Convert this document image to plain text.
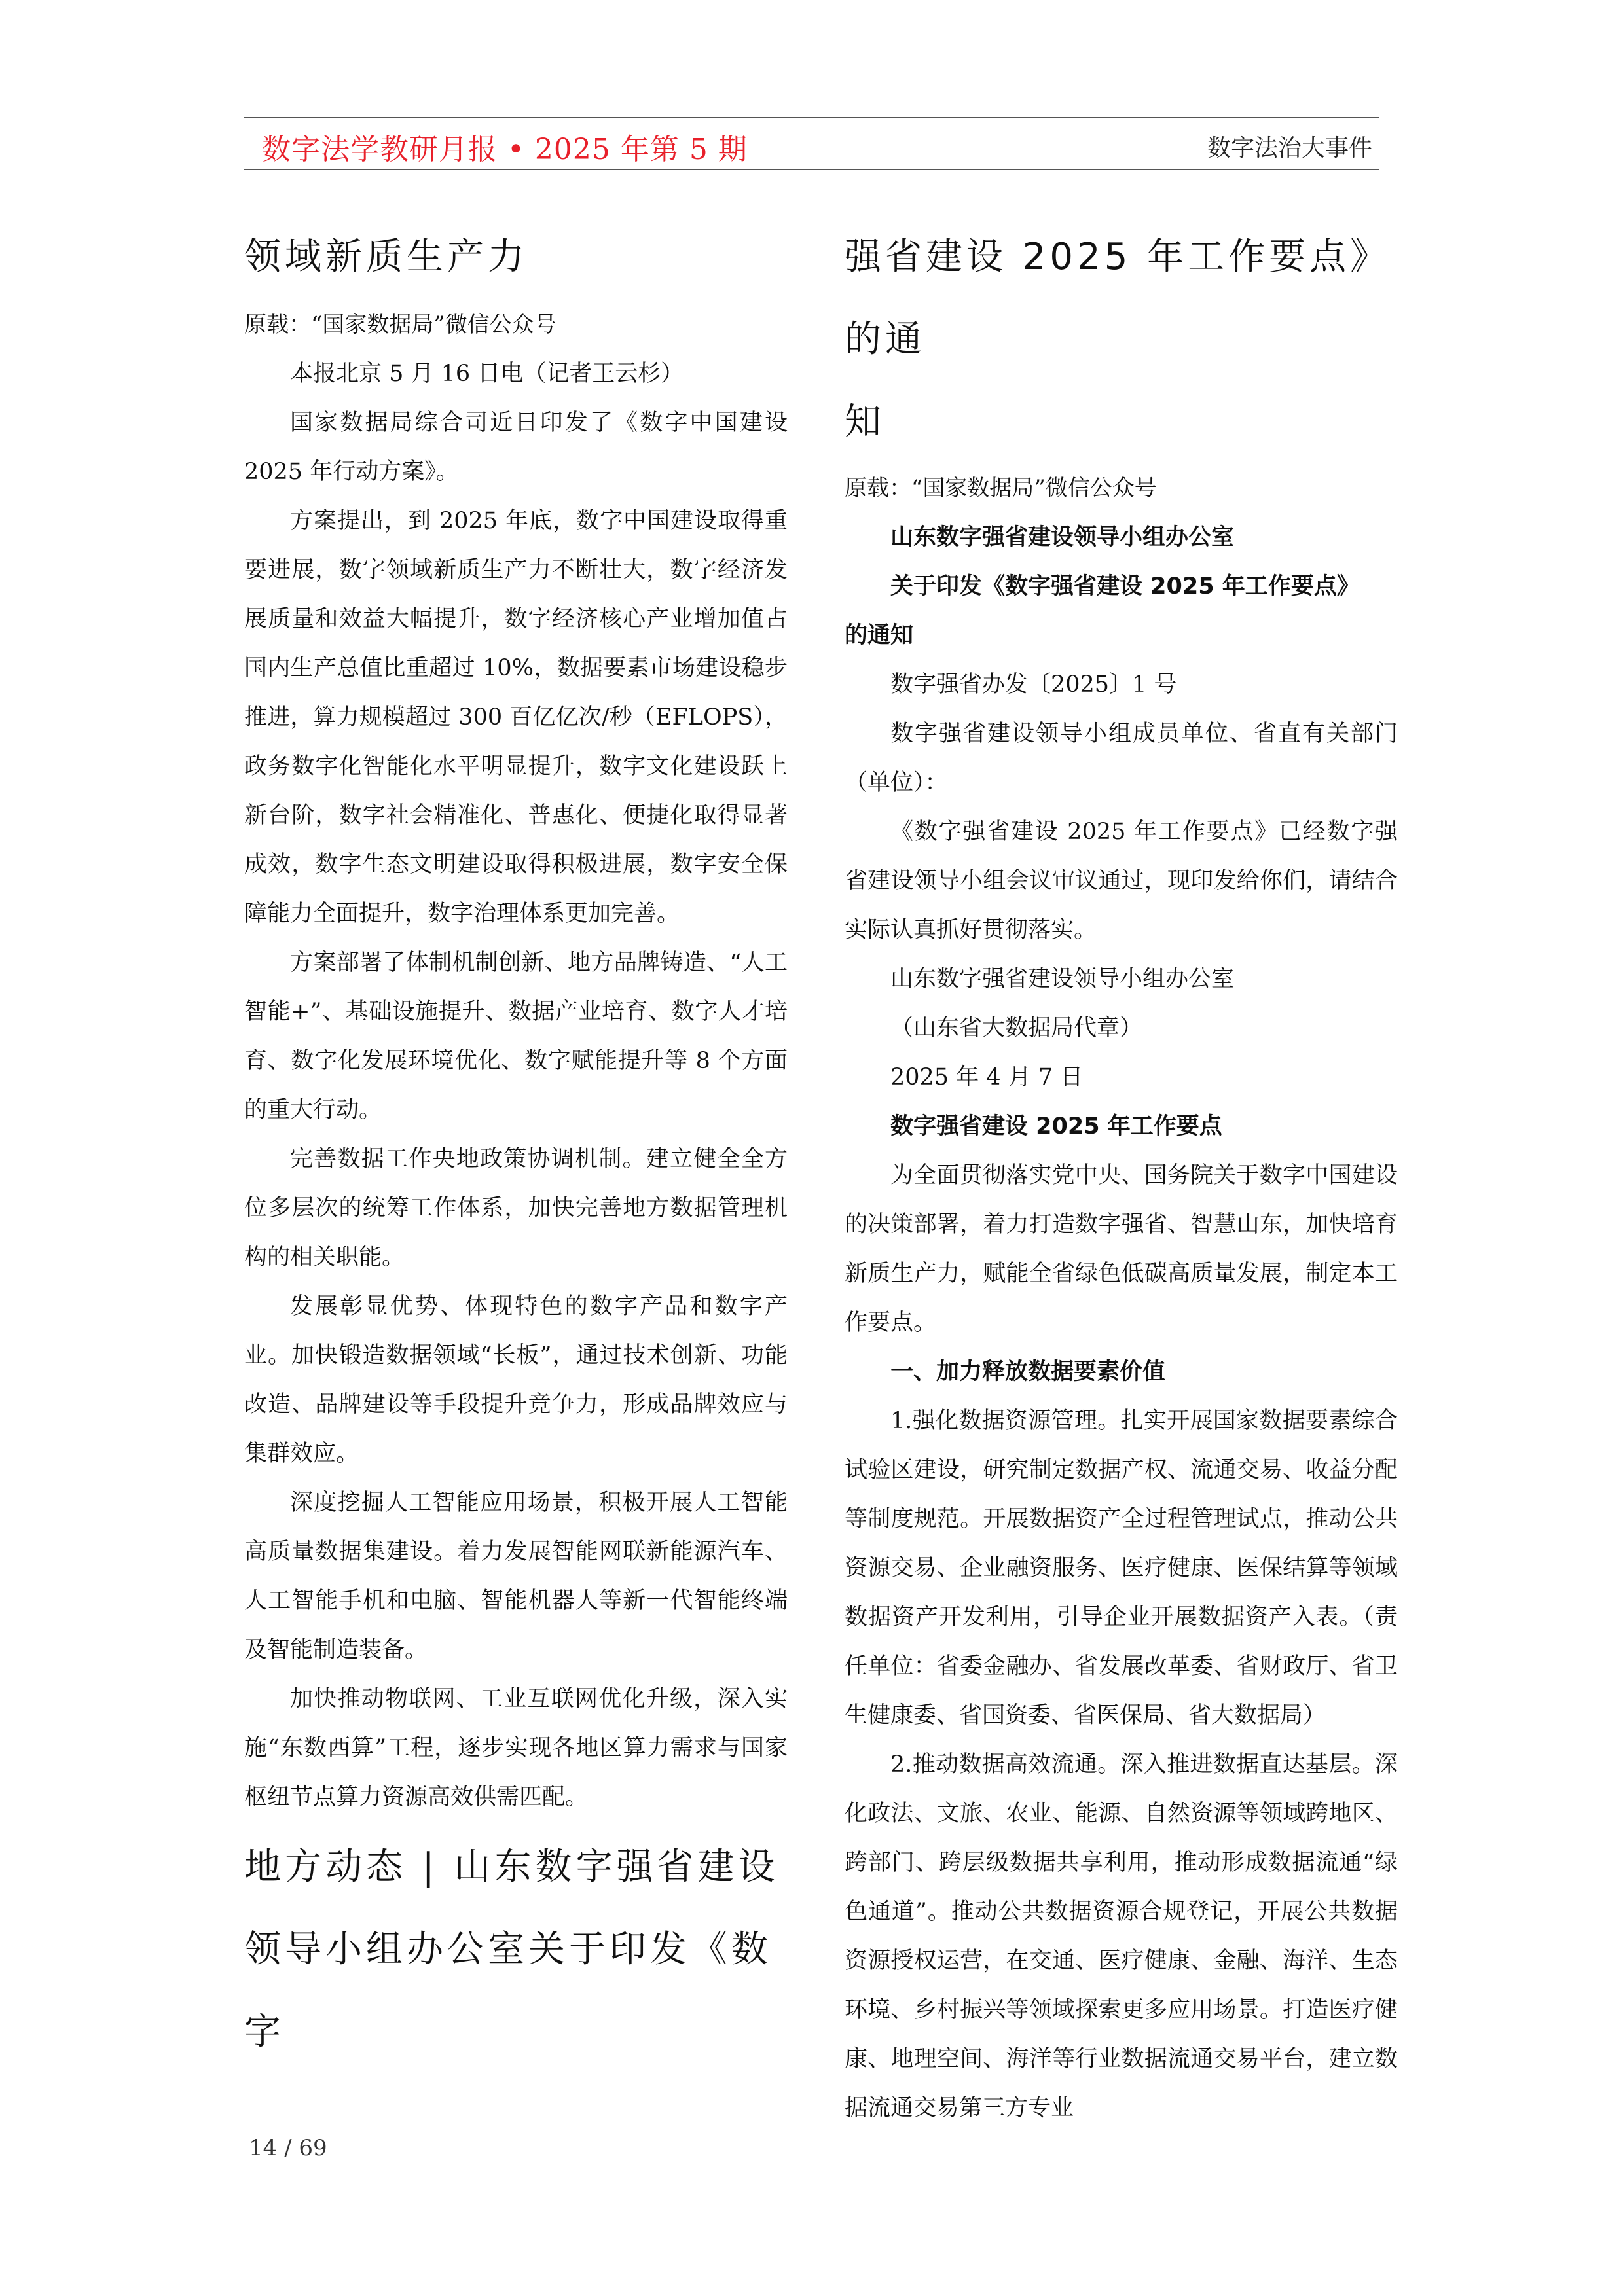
数字法学教研月报 • 2025 年第 5 期	数字法治大事件

领域新质生产力

原载：“国家数据局”微信公众号

本报北京 5 月 16 日电（记者王云杉）

国家数据局综合司近日印发了《数字中国建设 2025 年行动方案》。

方案提出，到 2025 年底，数字中国建设取得重要进展，数字领域新质生产力不断壮大，数字经济发展质量和效益大幅提升，数字经济核心产业增加值占国内生产总值比重超过 10%，数据要素市场建设稳步推进，算力规模超过 300 百亿亿次/秒（EFLOPS），政务数字化智能化水平明显提升，数字文化建设跃上新台阶，数字社会精准化、普惠化、便捷化取得显著成效，数字生态文明建设取得积极进展，数字安全保障能力全面提升，数字治理体系更加完善。

方案部署了体制机制创新、地方品牌铸造、“人工智能+”、基础设施提升、数据产业培育、数字人才培育、数字化发展环境优化、数字赋能提升等 8 个方面的重大行动。

完善数据工作央地政策协调机制。建立健全全方位多层次的统筹工作体系，加快完善地方数据管理机构的相关职能。

发展彰显优势、体现特色的数字产品和数字产业。加快锻造数据领域“长板”，通过技术创新、功能改造、品牌建设等手段提升竞争力，形成品牌效应与集群效应。

深度挖掘人工智能应用场景，积极开展人工智能高质量数据集建设。着力发展智能网联新能源汽车、人工智能手机和电脑、智能机器人等新一代智能终端及智能制造装备。

加快推动物联网、工业互联网优化升级，深入实施“东数西算”工程，逐步实现各地区算力需求与国家枢纽节点算力资源高效供需匹配。

地方动态 | 山东数字强省建设

领导小组办公室关于印发《数字

强省建设 2025 年工作要点》的通

知

原载：“国家数据局”微信公众号

山东数字强省建设领导小组办公室

关于印发《数字强省建设 2025 年工作要点》

的通知

数字强省办发〔2025〕1 号

数字强省建设领导小组成员单位、省直有关部门（单位）：

《数字强省建设 2025 年工作要点》已经数字强省建设领导小组会议审议通过，现印发给你们，请结合实际认真抓好贯彻落实。

山东数字强省建设领导小组办公室

（山东省大数据局代章）

2025 年 4 月 7 日

数字强省建设 2025 年工作要点

为全面贯彻落实党中央、国务院关于数字中国建设的决策部署，着力打造数字强省、智慧山东，加快培育新质生产力，赋能全省绿色低碳高质量发展，制定本工作要点。

一、加力释放数据要素价值

1.强化数据资源管理。扎实开展国家数据要素综合试验区建设，研究制定数据产权、流通交易、收益分配等制度规范。开展数据资产全过程管理试点，推动公共资源交易、企业融资服务、医疗健康、医保结算等领域数据资产开发利用，引导企业开展数据资产入表。（责任单位：省委金融办、省发展改革委、省财政厅、省卫生健康委、省国资委、省医保局、省大数据局）

2.推动数据高效流通。深入推进数据直达基层。深化政法、文旅、农业、能源、自然资源等领域跨地区、跨部门、跨层级数据共享利用，推动形成数据流通“绿色通道”。推动公共数据资源合规登记，开展公共数据资源授权运营，在交通、医疗健康、金融、海洋、生态环境、乡村振兴等领域探索更多应用场景。打造医疗健康、地理空间、海洋等行业数据流通交易平台，建立数据流通交易第三方专业

14 / 69
